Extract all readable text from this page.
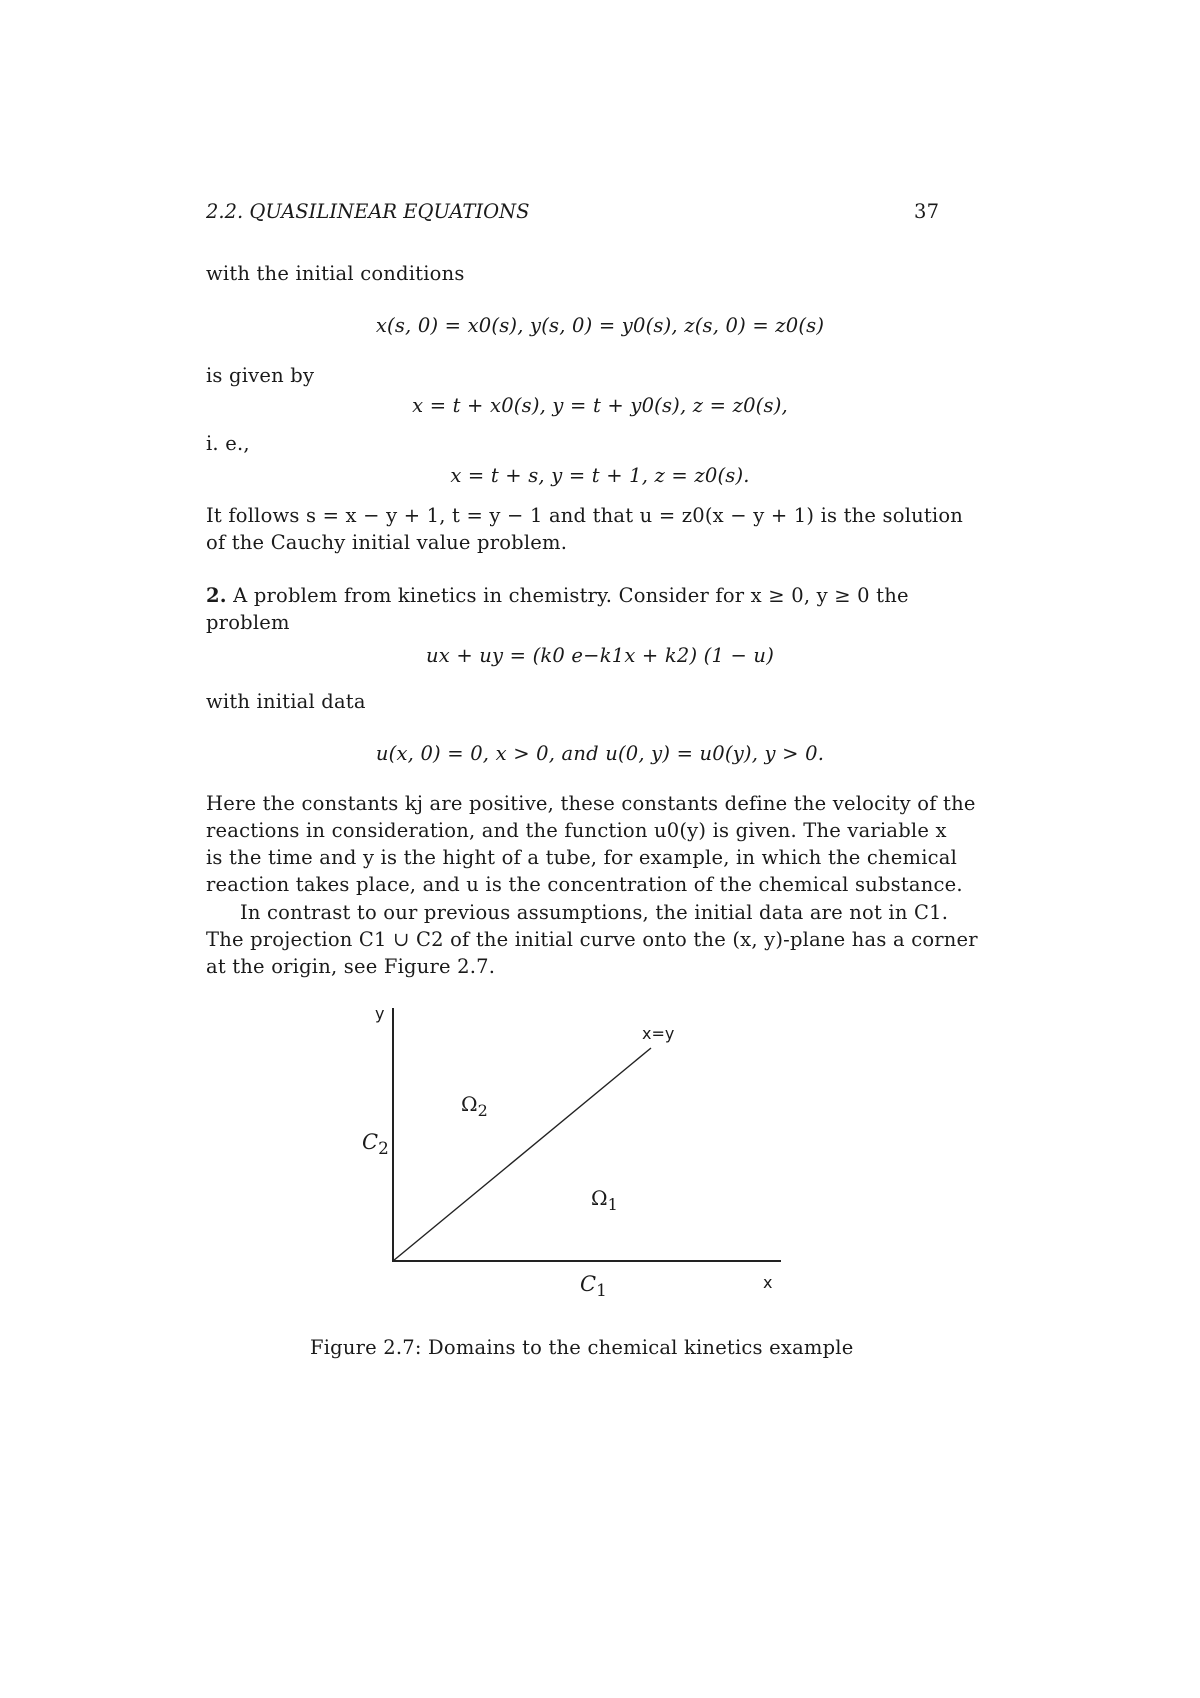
2.2. QUASILINEAR EQUATIONS	37
with the initial conditions
x(s, 0) = x0(s), y(s, 0) = y0(s), z(s, 0) = z0(s)
is given by
x = t + x0(s), y = t + y0(s), z = z0(s),
i. e.,
x = t + s, y = t + 1, z = z0(s).
It follows s = x − y + 1, t = y − 1 and that u = z0(x − y + 1) is the solution
of the Cauchy initial value problem.
2. A problem from kinetics in chemistry. Consider for x ≥ 0, y ≥ 0 the
problem
ux + uy = (k0 e−k1x + k2) (1 − u)
with initial data
u(x, 0) = 0, x > 0, and u(0, y) = u0(y), y > 0.
Here the constants kj are positive, these constants define the velocity of the
reactions in consideration, and the function u0(y) is given. The variable x
is the time and y is the hight of a tube, for example, in which the chemical
reaction takes place, and u is the concentration of the chemical substance.
In contrast to our previous assumptions, the initial data are not in C1.
The projection C1 ∪ C2 of the initial curve onto the (x, y)-plane has a corner
at the origin, see Figure 2.7.
y
x
x=y
$\Omega_2$
$\Omega_1$
$C_2$
$C_1$
Figure 2.7: Domains to the chemical kinetics example
